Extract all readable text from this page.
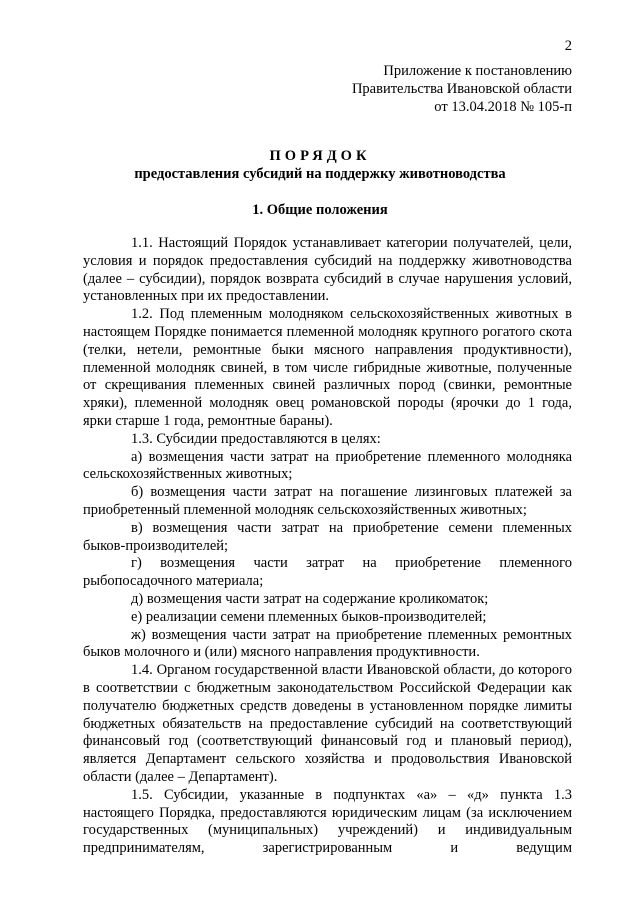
2
Приложение к постановлению
Правительства Ивановской области
от 13.04.2018 № 105-п
ПОРЯДОК
предоставления субсидий на поддержку животноводства
1. Общие положения

1.1. Настоящий Порядок устанавливает категории получателей, цели, условия и порядок предоставления субсидий на поддержку животноводства (далее – субсидии), порядок возврата субсидий в случае нарушения условий, установленных при их предоставлении.

1.2. Под племенным молодняком сельскохозяйственных животных в настоящем Порядке понимается племенной молодняк крупного рогатого скота (телки, нетели, ремонтные быки мясного направления продуктивности), племенной молодняк свиней, в том числе гибридные животные, полученные от скрещивания племенных свиней различных пород (свинки, ремонтные хряки), племенной молодняк овец романовской породы (ярочки до 1 года, ярки старше 1 года, ремонтные бараны).

1.3. Субсидии предоставляются в целях:

а) возмещения части затрат на приобретение племенного молодняка сельскохозяйственных животных;

б) возмещения части затрат на погашение лизинговых платежей за приобретенный племенной молодняк сельскохозяйственных животных;

в) возмещения части затрат на приобретение семени племенных быков-производителей;

г) возмещения части затрат на приобретение племенного рыбопосадочного материала;

д) возмещения части затрат на содержание кроликоматок;

е) реализации семени племенных быков-производителей;

ж) возмещения части затрат на приобретение племенных ремонтных быков молочного и (или) мясного направления продуктивности.

1.4. Органом государственной власти Ивановской области, до которого в соответствии с бюджетным законодательством Российской Федерации как получателю бюджетных средств доведены в установленном порядке лимиты бюджетных обязательств на предоставление субсидий на соответствующий финансовый год (соответствующий финансовый год и плановый период), является Департамент сельского хозяйства и продовольствия Ивановской области (далее – Департамент).

1.5. Субсидии, указанные в подпунктах «а» – «д» пункта 1.3 настоящего Порядка, предоставляются юридическим лицам (за исключением государственных (муниципальных) учреждений) и индивидуальным предпринимателям, зарегистрированным и ведущим
